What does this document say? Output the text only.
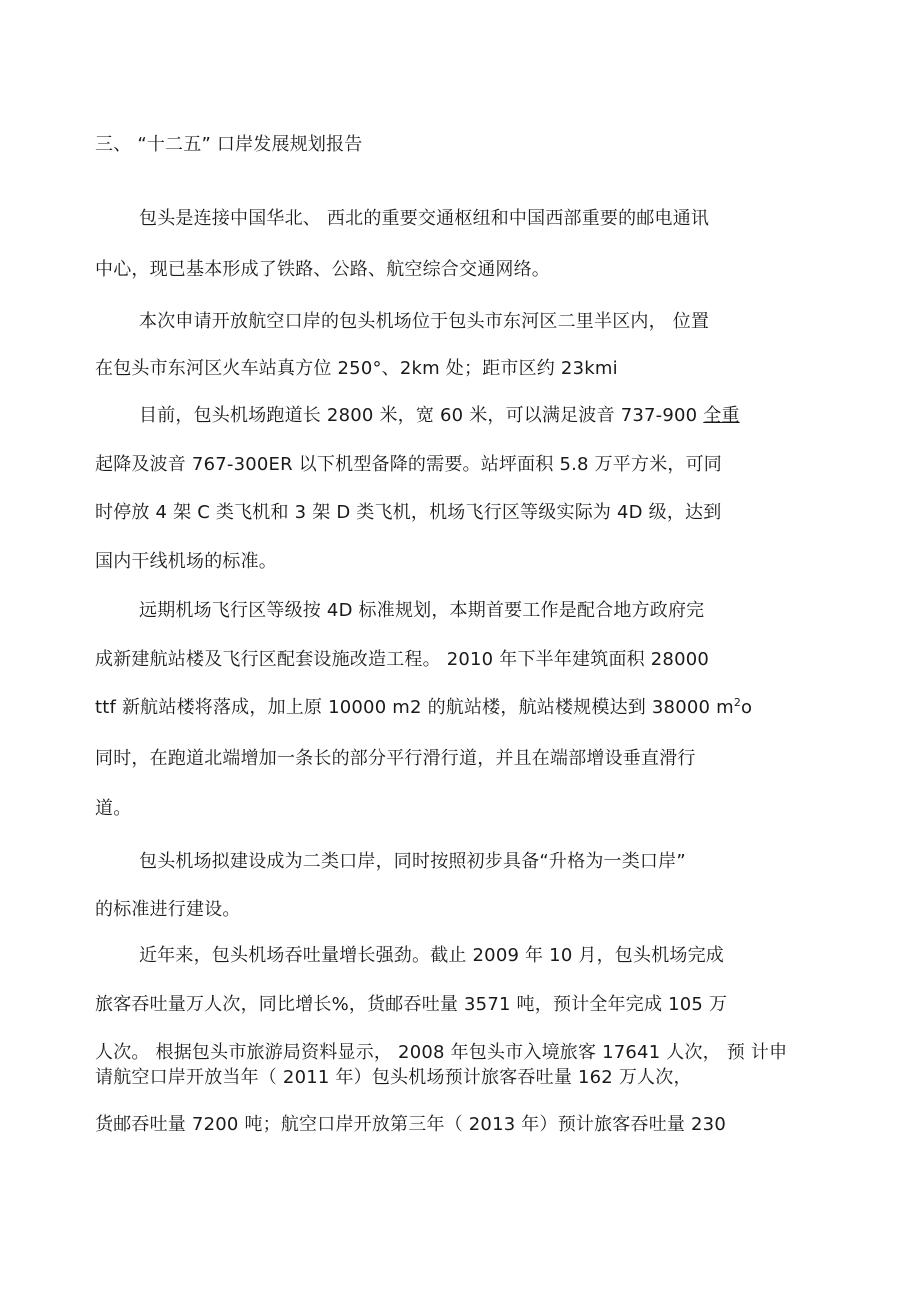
三、 “十二五” 口岸发展规划报告
包头是连接中国华北、 西北的重要交通枢纽和中国西部重要的邮电通讯
中心，现已基本形成了铁路、公路、航空综合交通网络。
本次申请开放航空口岸的包头机场位于包头市东河区二里半区内， 位置
在包头市东河区火车站真方位 250°、2km 处；距市区约 23kmi
目前，包头机场跑道长 2800 米，宽 60 米，可以满足波音 737-900 全重
起降及波音 767-300ER 以下机型备降的需要。站坪面积 5.8 万平方米，可同
时停放 4 架 C 类飞机和 3 架 D 类飞机，机场飞行区等级实际为 4D 级，达到
国内干线机场的标准。
远期机场飞行区等级按 4D 标准规划，本期首要工作是配合地方政府完
成新建航站楼及飞行区配套设施改造工程。 2010 年下半年建筑面积 28000
ttf 新航站楼将落成，加上原 10000 m2 的航站楼，航站楼规模达到 38000 $m^2o$
同时，在跑道北端增加一条长的部分平行滑行道，并且在端部增设垂直滑行
道。
包头机场拟建设成为二类口岸，同时按照初步具备“升格为一类口岸”
的标准进行建设。
近年来，包头机场吞吐量增长强劲。截止 2009 年 10 月，包头机场完成
旅客吞吐量万人次，同比增长%，货邮吞吐量 3571 吨，预计全年完成 105 万
人次。 根据包头市旅游局资料显示， 2008 年包头市入境旅客 17641 人次， 预 计申
请航空口岸开放当年（ 2011 年）包头机场预计旅客吞吐量 162 万人次，
货邮吞吐量 7200 吨；航空口岸开放第三年（ 2013 年）预计旅客吞吐量 230
